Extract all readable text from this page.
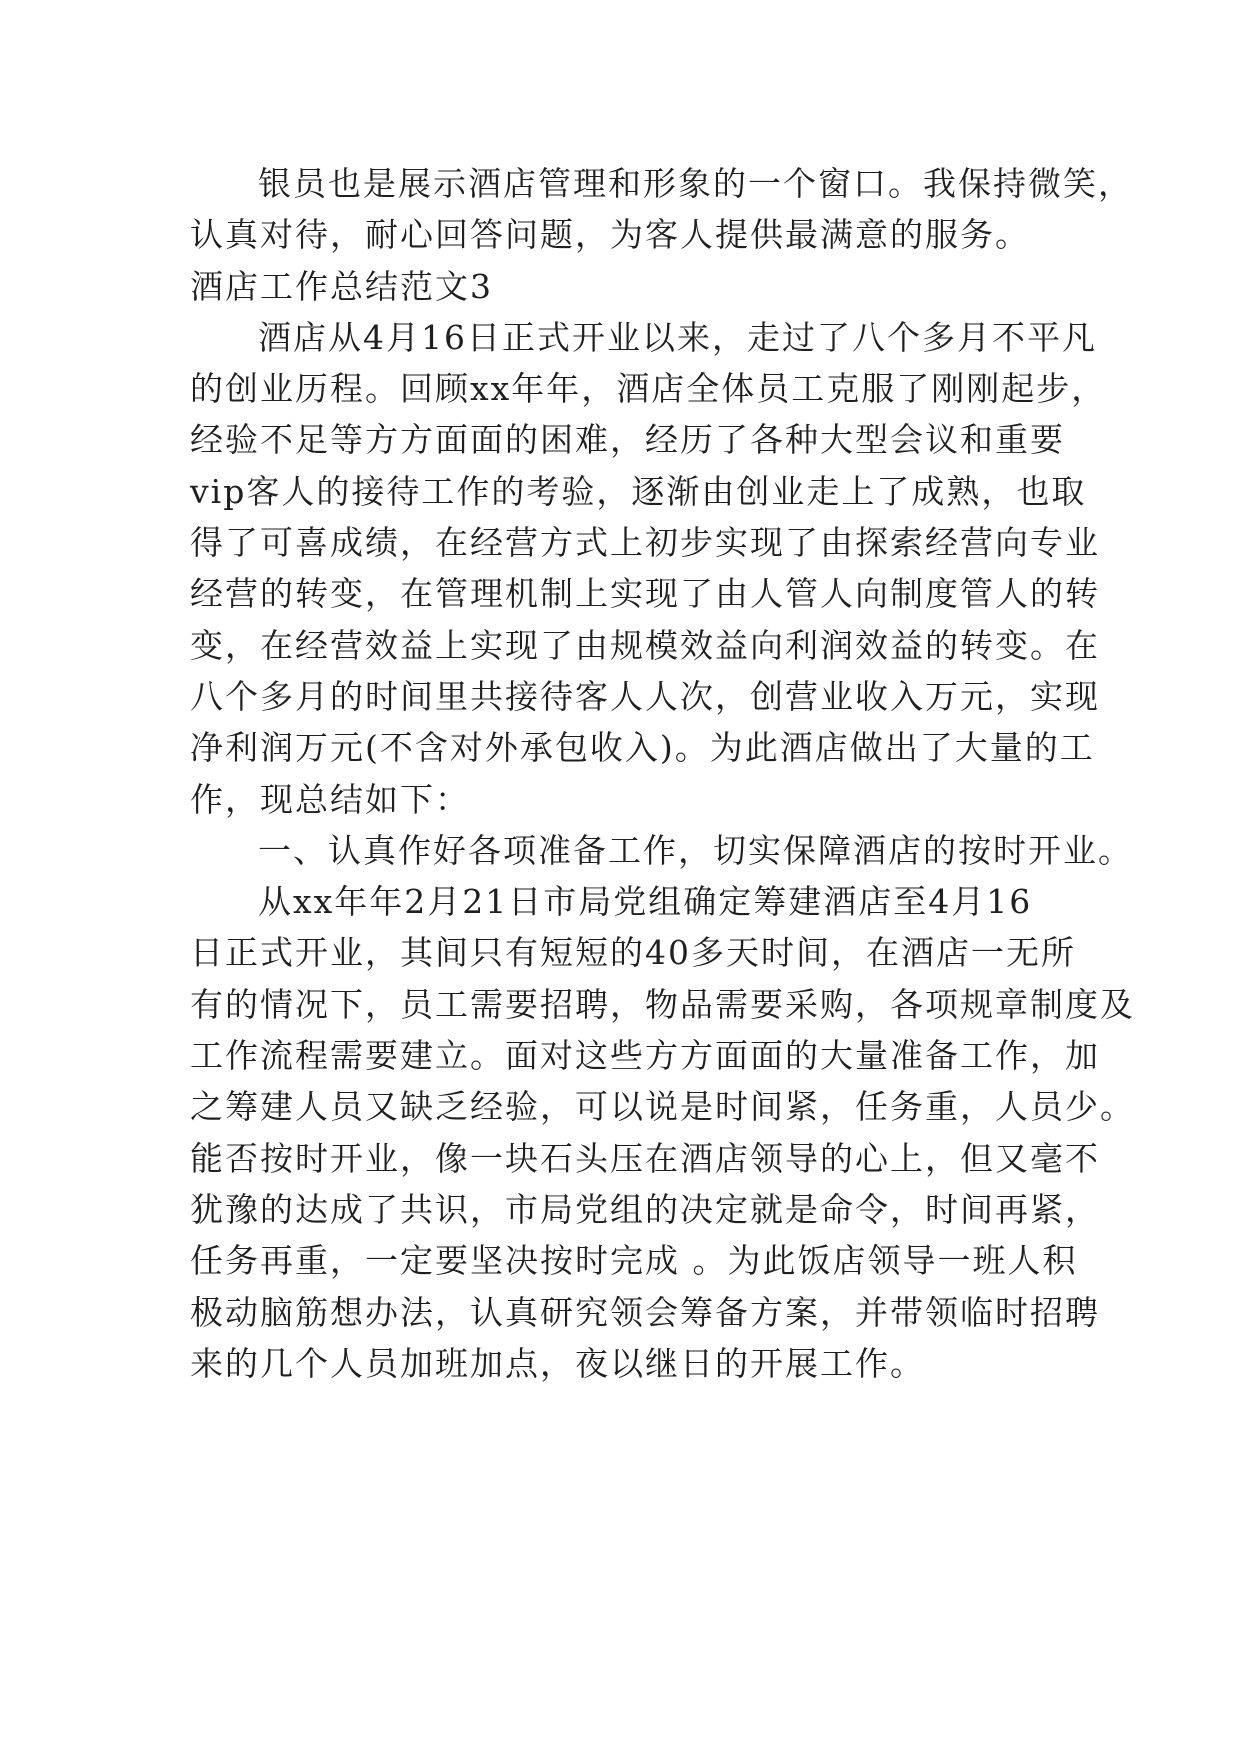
银员也是展示酒店管理和形象的一个窗口。我保持微笑，
认真对待，耐心回答问题，为客人提供最满意的服务。
酒店工作总结范文3
酒店从4月16日正式开业以来，走过了八个多月不平凡
的创业历程。回顾xx年年，酒店全体员工克服了刚刚起步，
经验不足等方方面面的困难，经历了各种大型会议和重要
vip客人的接待工作的考验，逐渐由创业走上了成熟，也取
得了可喜成绩，在经营方式上初步实现了由探索经营向专业
经营的转变，在管理机制上实现了由人管人向制度管人的转
变，在经营效益上实现了由规模效益向利润效益的转变。在
八个多月的时间里共接待客人人次，创营业收入万元，实现
净利润万元(不含对外承包收入)。为此酒店做出了大量的工
作，现总结如下：
一、认真作好各项准备工作，切实保障酒店的按时开业。
从xx年年2月21日市局党组确定筹建酒店至4月16
日正式开业，其间只有短短的40多天时间，在酒店一无所
有的情况下，员工需要招聘，物品需要采购，各项规章制度及
工作流程需要建立。面对这些方方面面的大量准备工作，加
之筹建人员又缺乏经验，可以说是时间紧，任务重，人员少。
能否按时开业，像一块石头压在酒店领导的心上，但又毫不
犹豫的达成了共识，市局党组的决定就是命令，时间再紧，
任务再重，一定要坚决按时完成 。为此饭店领导一班人积
极动脑筋想办法，认真研究领会筹备方案，并带领临时招聘
来的几个人员加班加点，夜以继日的开展工作。
